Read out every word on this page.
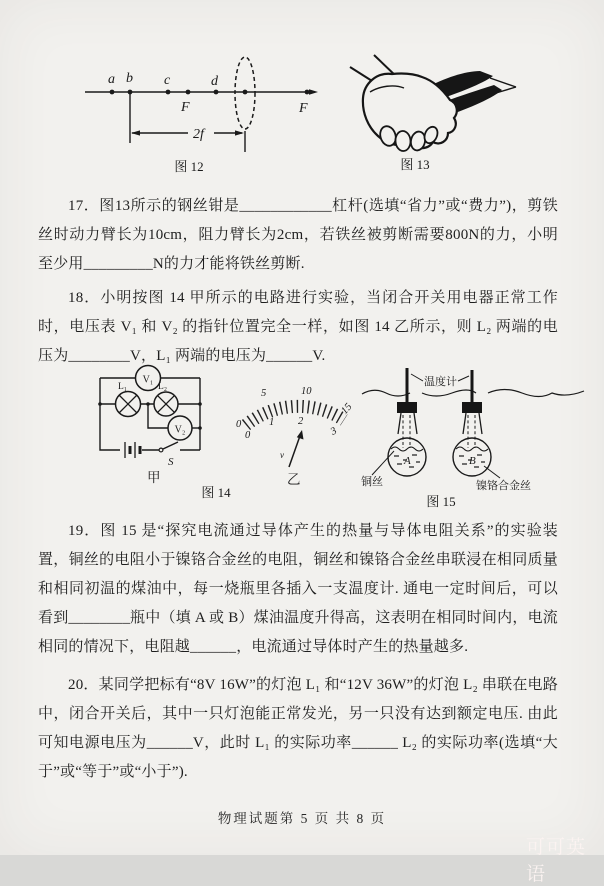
a b c	d
F	F
2f
图 12	图 13

17．图13所示的钢丝钳是____________杠杆(选填“省力”或“费力”)，剪铁丝时动力臂长为10cm，阻力臂长为2cm，若铁丝被剪断需要800N的力，小明至少用_________N的力才能将铁丝剪断.

18．小明按图 14 甲所示的电路进行实验，当闭合开关用电器正常工作时，电压表 V₁ 和 V₂ 的指针位置完全一样，如图 14 乙所示，则 L₂ 两端的电压为________V，L₁ 两端的电压为______V.

S
L₁	L₂
V₁
V₂
甲
图 14
0
5	10
15
0
1 2
3
v
乙
A	B
温度计
铜丝	镍铬合金丝
图 15

19．图 15 是“探究电流通过导体产生的热量与导体电阻关系”的实验装置，铜丝的电阻小于镍铬合金丝的电阻，铜丝和镍铬合金丝串联浸在相同质量和相同初温的煤油中，每一烧瓶里各插入一支温度计. 通电一定时间后，可以看到________瓶中（填 A 或 B）煤油温度升得高，这表明在相同时间内，电流相同的情况下，电阻越______，电流通过导体时产生的热量越多.

20．某同学把标有“8V 16W”的灯泡 L₁ 和“12V 36W”的灯泡 L₂ 串联在电路中，闭合开关后，其中一只灯泡能正常发光，另一只没有达到额定电压. 由此可知电源电压为______V，此时 L₁ 的实际功率______ L₂ 的实际功率(选填“大于”或“等于”或“小于”).

物理试题第 5 页 共 8 页
可可英语
